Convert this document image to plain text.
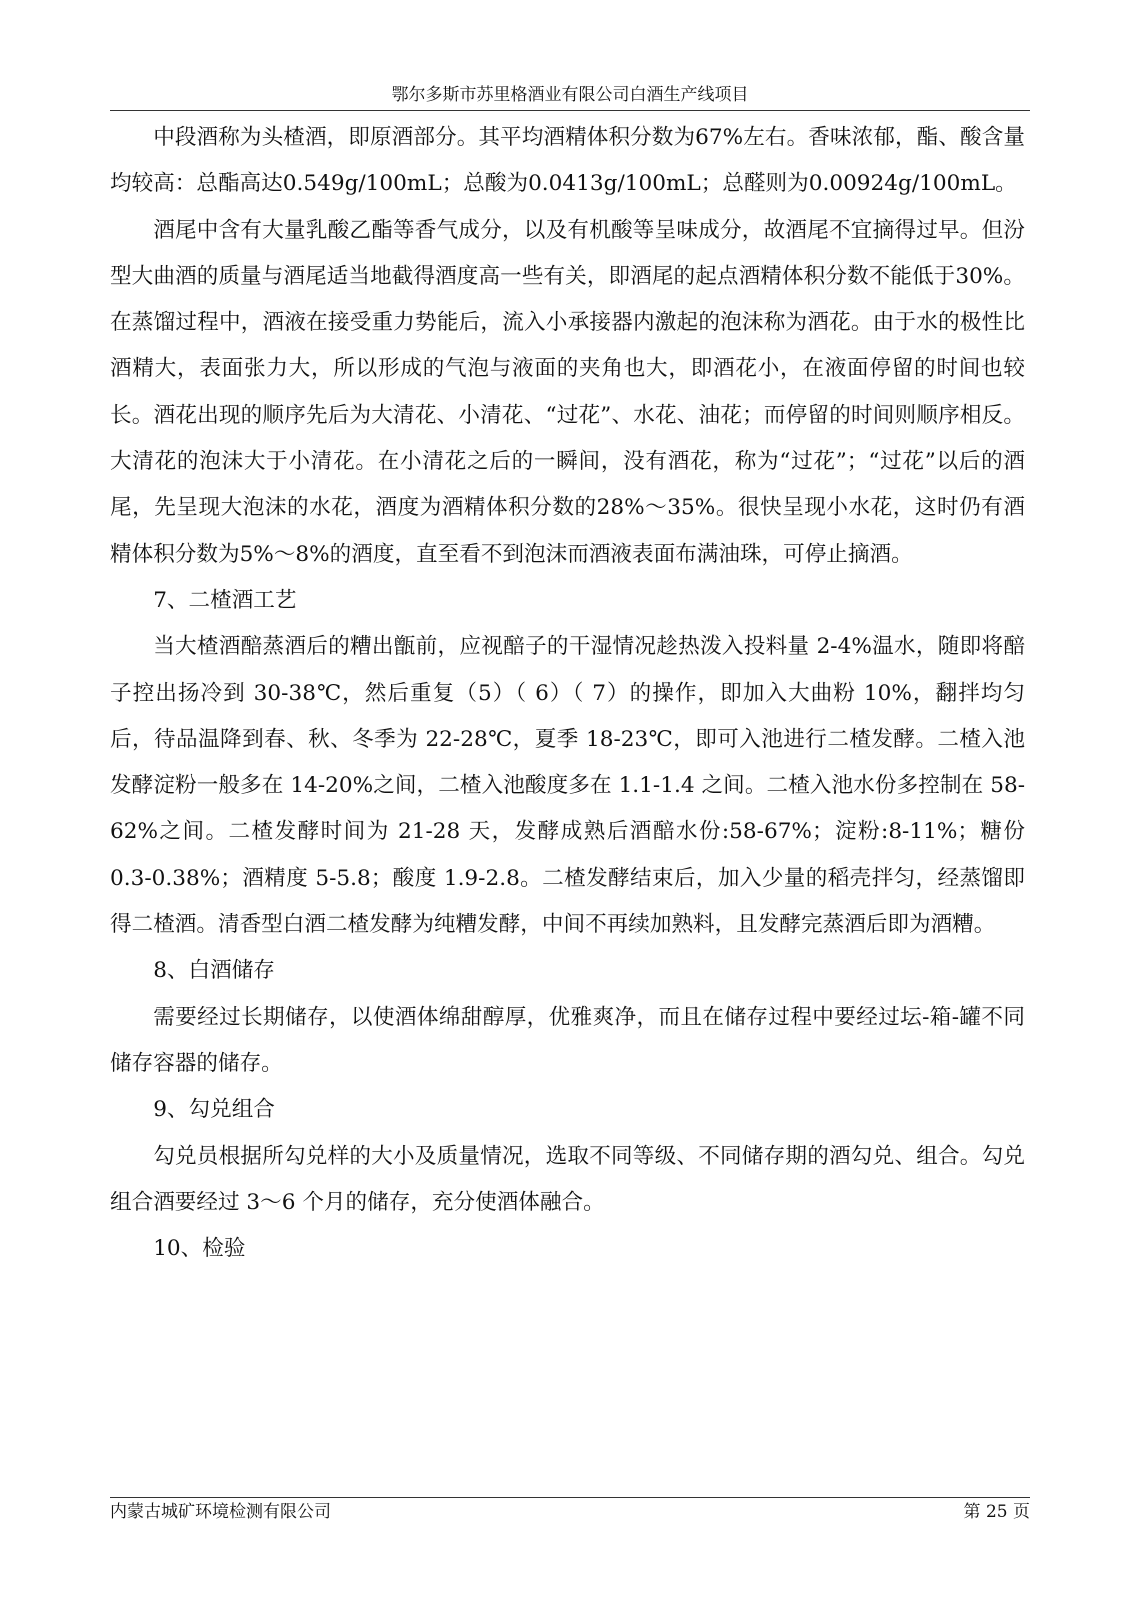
鄂尔多斯市苏里格酒业有限公司白酒生产线项目

中段酒称为头楂酒，即原酒部分。其平均酒精体积分数为67%左右。香味浓郁，酯、酸含量均较高：总酯高达0.549g/100mL；总酸为0.0413g/100mL；总醛则为0.00924g/100mL。

酒尾中含有大量乳酸乙酯等香气成分，以及有机酸等呈味成分，故酒尾不宜摘得过早。但汾型大曲酒的质量与酒尾适当地截得酒度高一些有关，即酒尾的起点酒精体积分数不能低于30%。在蒸馏过程中，酒液在接受重力势能后，流入小承接器内激起的泡沫称为酒花。由于水的极性比酒精大，表面张力大，所以形成的气泡与液面的夹角也大，即酒花小，在液面停留的时间也较长。酒花出现的顺序先后为大清花、小清花、“过花”、水花、油花；而停留的时间则顺序相反。大清花的泡沫大于小清花。在小清花之后的一瞬间，没有酒花，称为“过花”；“过花”以后的酒尾，先呈现大泡沫的水花，酒度为酒精体积分数的28%～35%。很快呈现小水花，这时仍有酒精体积分数为5%～8%的酒度，直至看不到泡沫而酒液表面布满油珠，可停止摘酒。

7、二楂酒工艺

当大楂酒醅蒸酒后的糟出甑前，应视醅子的干湿情况趁热泼入投料量 2-4%温水，随即将醅子控出扬冷到 30-38℃，然后重复（5）（ 6）（ 7）的操作，即加入大曲粉 10%，翻拌均匀后，待品温降到春、秋、冬季为 22-28℃，夏季 18-23℃，即可入池进行二楂发酵。二楂入池发酵淀粉一般多在 14-20%之间，二楂入池酸度多在 1.1-1.4 之间。二楂入池水份多控制在 58-62%之间。二楂发酵时间为 21-28 天，发酵成熟后酒醅水份:58-67%；淀粉:8-11%；糖份 0.3-0.38%；酒精度 5-5.8；酸度 1.9-2.8。二楂发酵结束后，加入少量的稻壳拌匀，经蒸馏即得二楂酒。清香型白酒二楂发酵为纯糟发酵，中间不再续加熟料，且发酵完蒸酒后即为酒糟。

8、白酒储存

需要经过长期储存，以使酒体绵甜醇厚，优雅爽净，而且在储存过程中要经过坛-箱-罐不同储存容器的储存。

9、勾兑组合

勾兑员根据所勾兑样的大小及质量情况，选取不同等级、不同储存期的酒勾兑、组合。勾兑组合酒要经过 3～6 个月的储存，充分使酒体融合。

10、检验

内蒙古城矿环境检测有限公司	第 25 页
